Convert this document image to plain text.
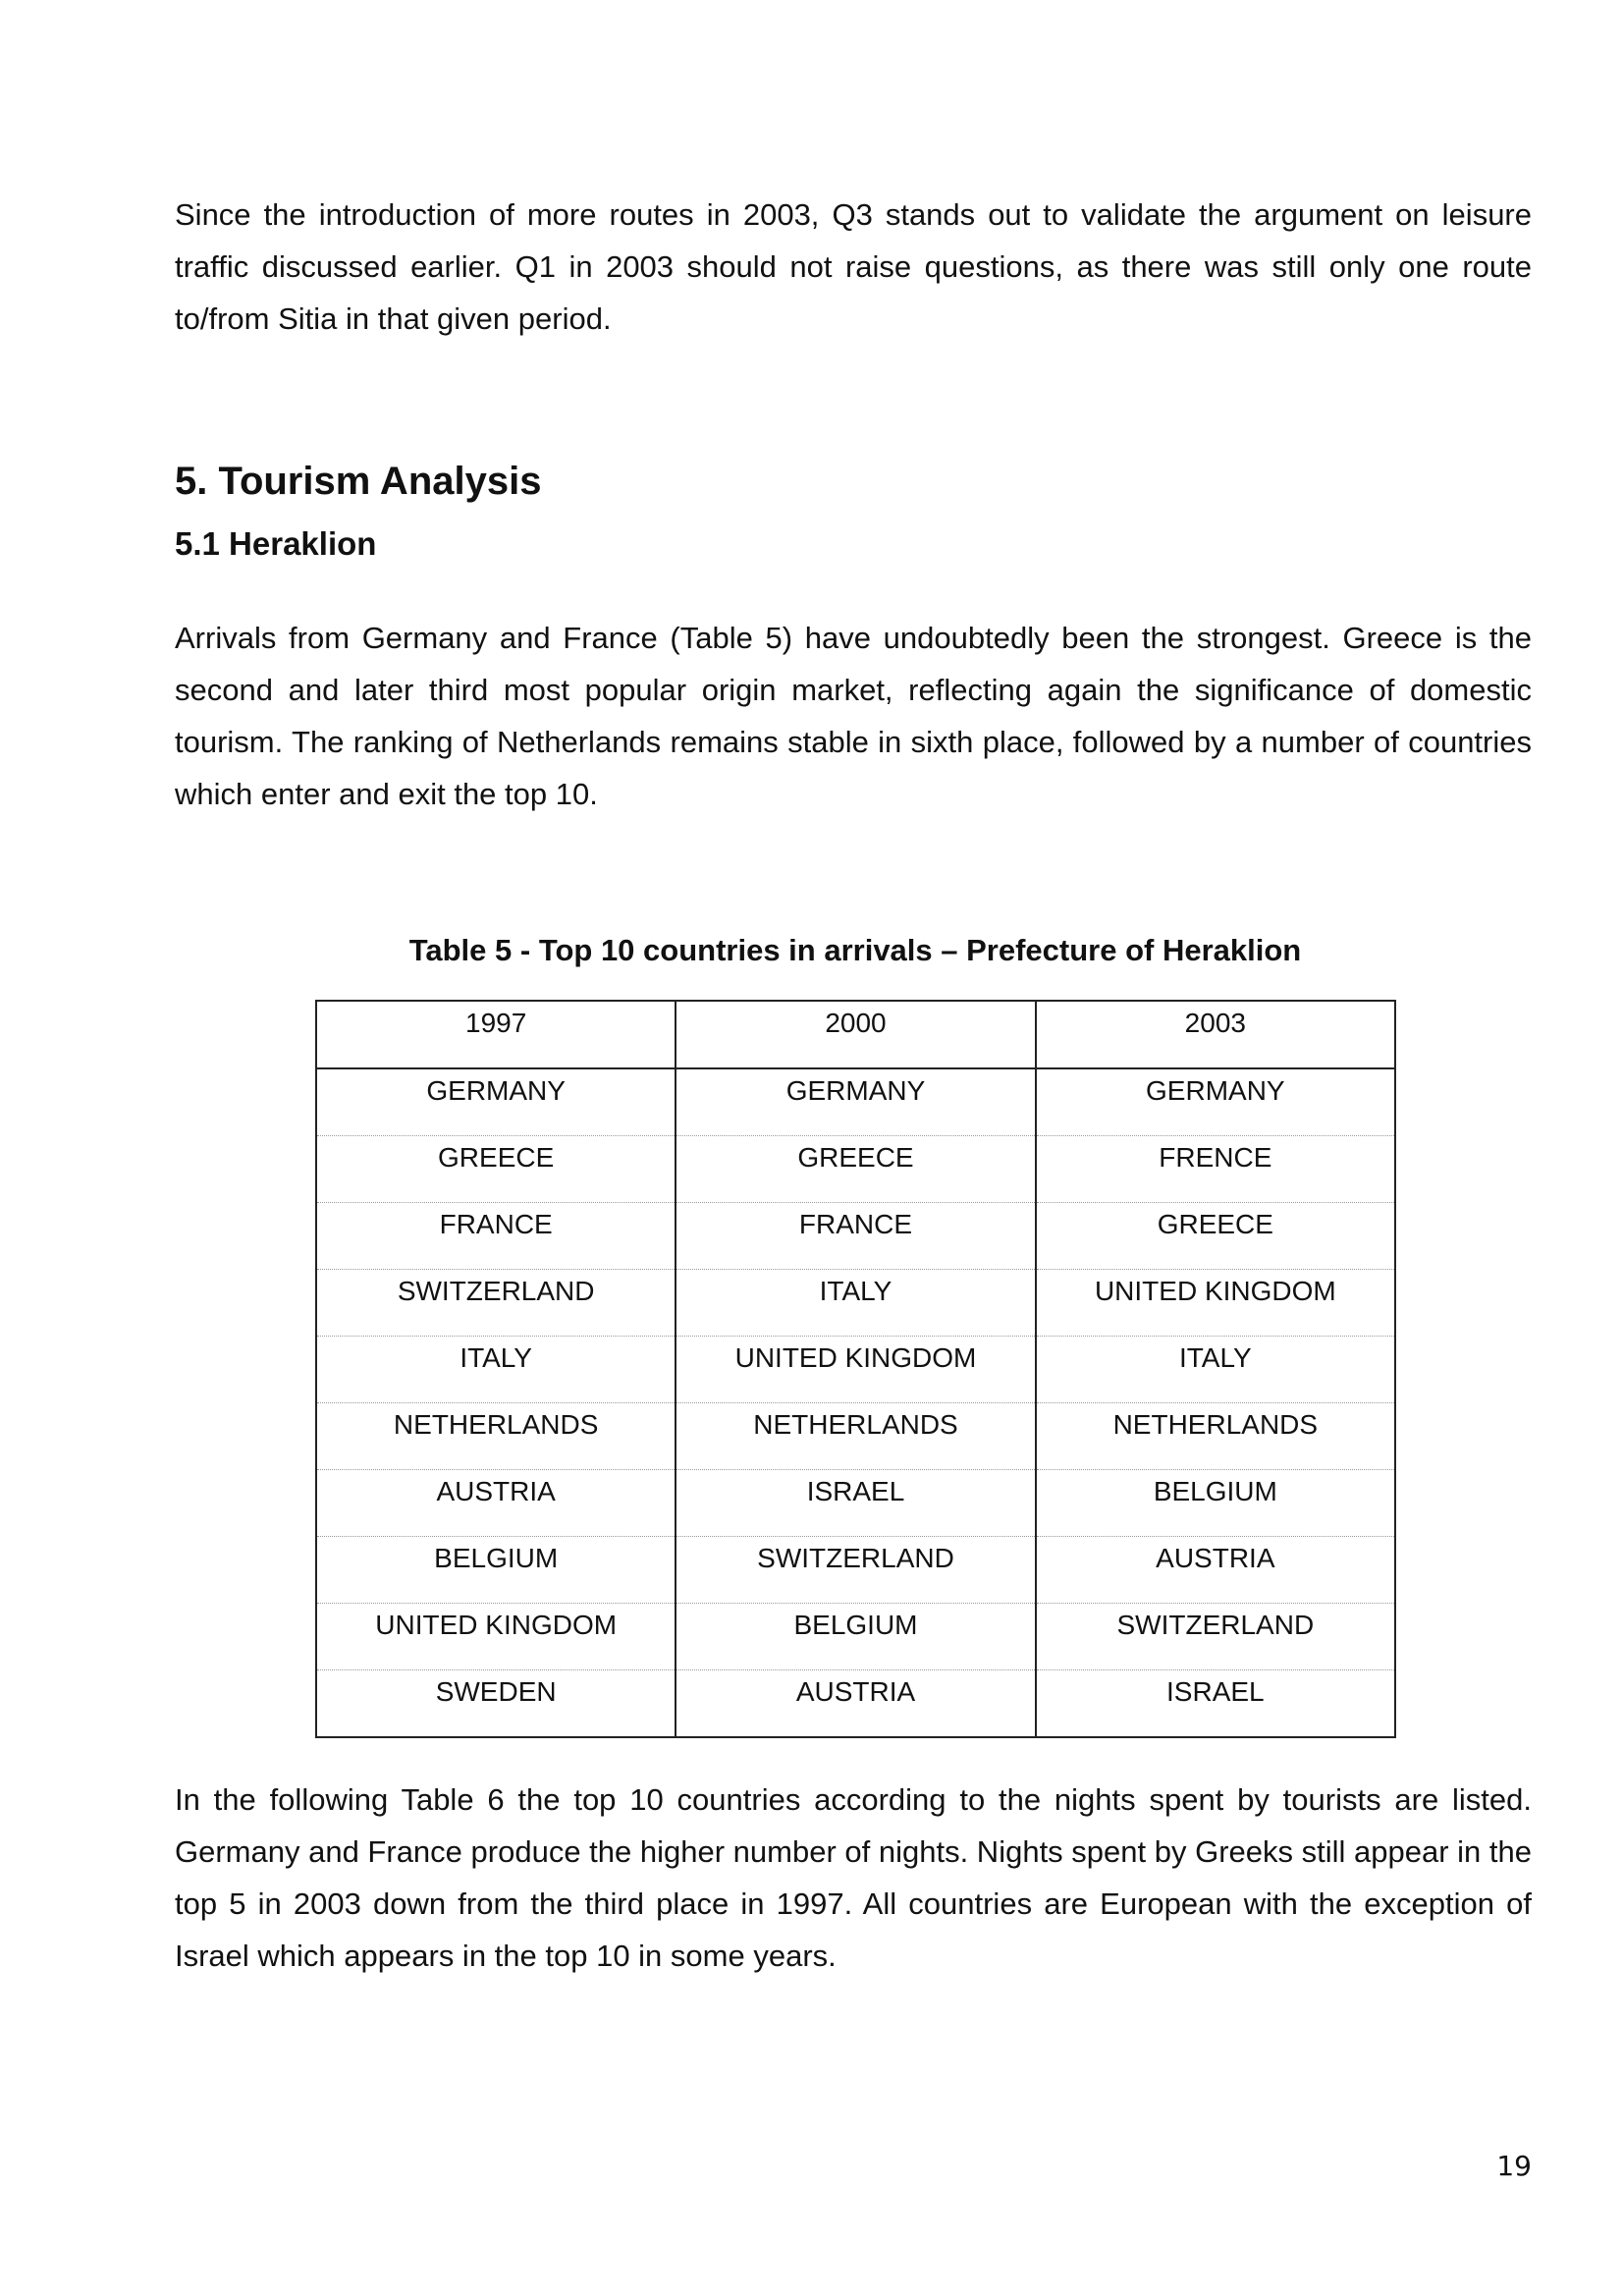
Since the introduction of more routes in 2003, Q3 stands out to validate the argument on leisure traffic discussed earlier. Q1 in 2003 should not raise questions, as there was still only one route to/from Sitia in that given period.

5. Tourism Analysis
5.1 Heraklion

Arrivals from Germany and France (Table 5) have undoubtedly been the strongest. Greece is the second and later third most popular origin market, reflecting again the significance of domestic tourism. The ranking of Netherlands remains stable in sixth place, followed by a number of countries which enter and exit the top 10.

Table 5 - Top 10 countries in arrivals – Prefecture of Heraklion

1997	2000	2003
GERMANY	GERMANY	GERMANY
GREECE	GREECE	FRENCE
FRANCE	FRANCE	GREECE
SWITZERLAND	ITALY	UNITED KINGDOM
ITALY	UNITED KINGDOM	ITALY
NETHERLANDS	NETHERLANDS	NETHERLANDS
AUSTRIA	ISRAEL	BELGIUM
BELGIUM	SWITZERLAND	AUSTRIA
UNITED KINGDOM	BELGIUM	SWITZERLAND
SWEDEN	AUSTRIA	ISRAEL

In the following Table 6 the top 10 countries according to the nights spent by tourists are listed. Germany and France produce the higher number of nights. Nights spent by Greeks still appear in the top 5 in 2003 down from the third place in 1997. All countries are European with the exception of Israel which appears in the top 10 in some years.

19
